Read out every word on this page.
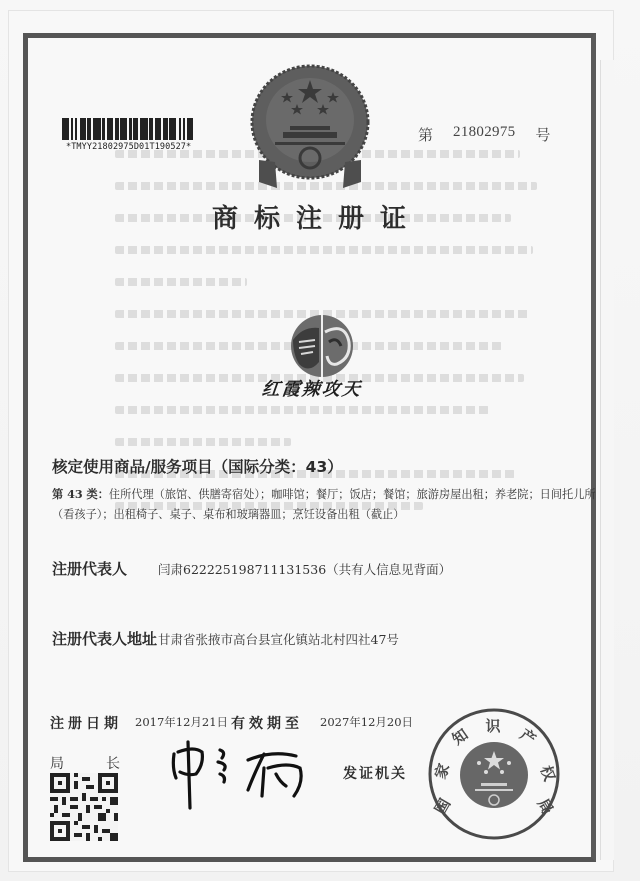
*TMYY21802975D01T190527*
第 21802975 号
商标注册证
红霞辣攻天
核定使用商品/服务项目（国际分类：43）
第 43 类：住所代理（旅馆、供膳寄宿处）；咖啡馆；餐厅；饭店；餐馆；旅游房屋出租；养老院；日间托儿所（看孩子）；出租椅子、桌子、桌布和玻璃器皿；烹饪设备出租（截止）
注册代表人 闫肃622225198711131536（共有人信息见背面）
注册代表人地址 甘肃省张掖市高台县宣化镇站北村四社47号
注册日期 2017年12月21日 有效期至 2027年12月20日
局	长
发证机关
国
家
知 识 产
权
局
